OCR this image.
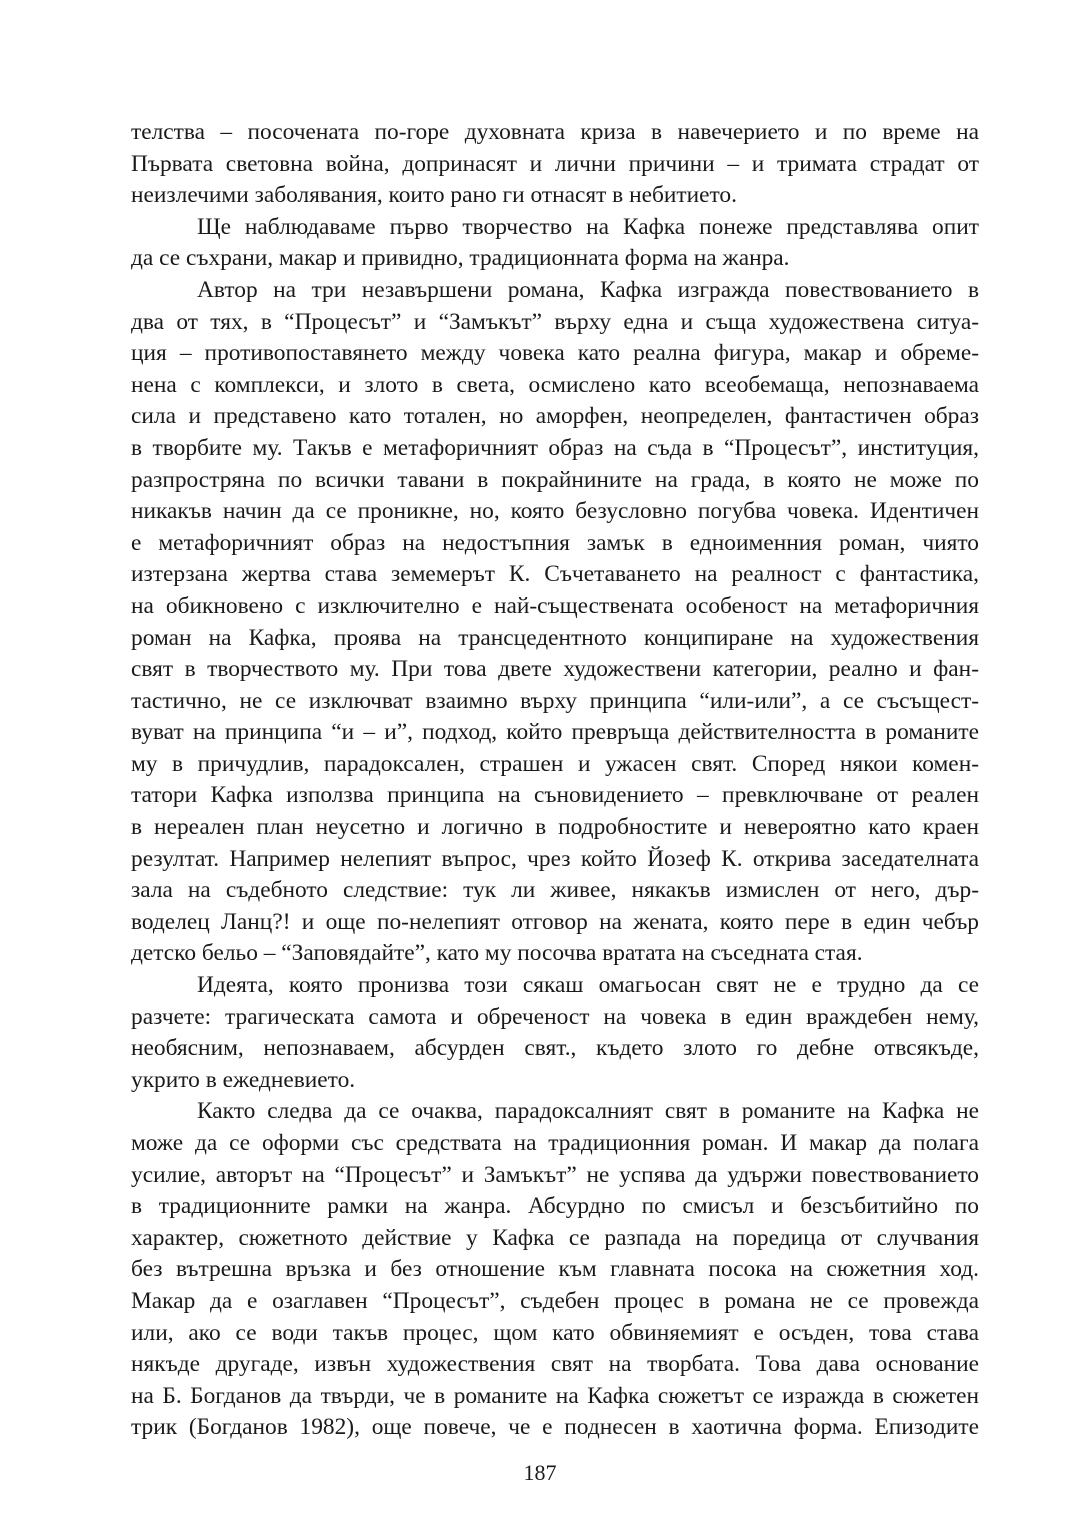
телства – посочената по-горе духовната криза в навечерието и по време на
Първата световна война, допринасят и лични причини – и тримата страдат от
неизлечими заболявания, които рано ги отнасят в небитието.
Ще наблюдаваме първо творчество на Кафка понеже представлява опит
да се съхрани, макар и привидно, традиционната форма на жанра.
Автор на три незавършени романа, Кафка изгражда повествованието в
два от тях, в “Процесът” и “Замъкът” върху една и съща художествена ситуа-
ция – противопоставянето между човека като реална фигура, макар и обреме-
нена с комплекси, и злото в света, осмислено като всеобемаща, непознаваема
сила и представено като тотален, но аморфен, неопределен, фантастичен образ
в творбите му. Такъв е метафоричният образ на съда в “Процесът”, институция,
разпростряна по всички тавани в покрайнините на града, в която не може по
никакъв начин да се проникне, но, която безусловно погубва човека. Идентичен
е метафоричният образ на недостъпния замък в едноименния роман, чиято
изтерзана жертва става земемерът К. Съчетаването на реалност с фантастика,
на обикновено с изключително е най-съществената особеност на метафоричния
роман на Кафка, проява на трансцедентното конципиране на художествения
свят в творчеството му. При това двете художествени категории, реално и фан-
тастично, не се изключват взаимно върху принципа “или-или”, а се съсъщест-
вуват на принципа “и – и”, подход, който превръща действителността в романите
му в причудлив, парадоксален, страшен и ужасен свят. Според някои комен-
татори Кафка използва принципа на съновидението – превключване от реален
в нереален план неусетно и логично в подробностите и невероятно като краен
резултат. Например нелепият въпрос, чрез който Йозеф К. открива заседателната
зала на съдебното следствие: тук ли живее, някакъв измислен от него, дър-
воделец Ланц?! и още по-нелепият отговор на жената, която пере в един чебър
детско бельо – “Заповядайте”, като му посочва вратата на съседната стая.
Идеята, която пронизва този сякаш омагьосан свят не е трудно да се
разчете: трагическата самота и обреченост на човека в един враждебен нему,
необясним, непознаваем, абсурден свят., където злото го дебне отвсякъде,
укрито в ежедневието.
Както следва да се очаква, парадоксалният свят в романите на Кафка не
може да се оформи със средствата на традиционния роман. И макар да полага
усилие, авторът на “Процесът” и Замъкът” не успява да удържи повествованието
в традиционните рамки на жанра. Абсурдно по смисъл и безсъбитийно по
характер, сюжетното действие у Кафка се разпада на поредица от случвания
без вътрешна връзка и без отношение към главната посока на сюжетния ход.
Макар да е озаглавен “Процесът”, съдебен процес в романа не се провежда
или, ако се води такъв процес, щом като обвиняемият е осъден, това става
някъде другаде, извън художествения свят на творбата. Това дава основание
на Б. Богданов да твърди, че в романите на Кафка сюжетът се изражда в сюжетен
трик (Богданов 1982), още повече, че е поднесен в хаотична форма. Епизодите
187
